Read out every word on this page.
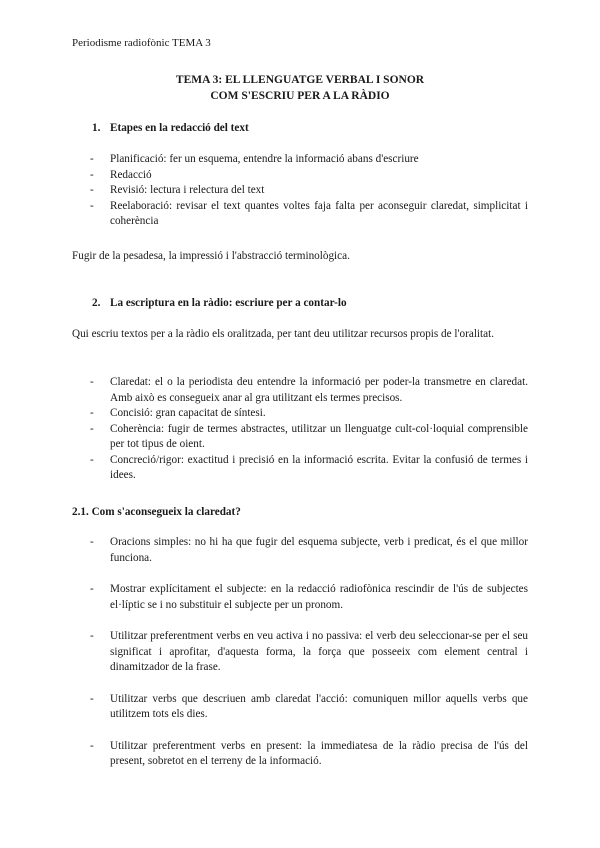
Periodisme radiofònic TEMA 3
TEMA 3: EL LLENGUATGE VERBAL I SONOR
COM S'ESCRIU PER A LA RÀDIO
1. Etapes en la redacció del text
- Planificació: fer un esquema, entendre la informació abans d'escriure
- Redacció
- Revisió: lectura i relectura del text
- Reelaboració: revisar el text quantes voltes faja falta per aconseguir claredat, simplicitat i coherència
Fugir de la pesadesa, la impressió i l'abstracció terminològica.
2. La escriptura en la ràdio: escriure per a contar-lo
Qui escriu textos per a la ràdio els oralitzada, per tant deu utilitzar recursos propis de l'oralitat.
- Claredat: el o la periodista deu entendre la informació per poder-la transmetre en claredat. Amb això es consegueix anar al gra utilitzant els termes precisos.
- Concisió: gran capacitat de síntesi.
- Coherència: fugir de termes abstractes, utilitzar un llenguatge cult-col·loquial comprensible per tot tipus de oient.
- Concreció/rigor: exactitud i precisió en la informació escrita. Evitar la confusió de termes i idees.
2.1. Com s'aconsegueix la claredat?
- Oracions simples: no hi ha que fugir del esquema subjecte, verb i predicat, és el que millor funciona.
- Mostrar explícitament el subjecte: en la redacció radiofònica rescindir de l'ús de subjectes el·líptic se i no substituir el subjecte per un pronom.
- Utilitzar preferentment verbs en veu activa i no passiva: el verb deu seleccionar-se per el seu significat i aprofitar, d'aquesta forma, la força que posseeix com element central i dinamitzador de la frase.
- Utilitzar verbs que descriuen amb claredat l'acció: comuniquen millor aquells verbs que utilitzem tots els dies.
- Utilitzar preferentment verbs en present: la immediatesa de la ràdio precisa de l'ús del present, sobretot en el terreny de la informació.
